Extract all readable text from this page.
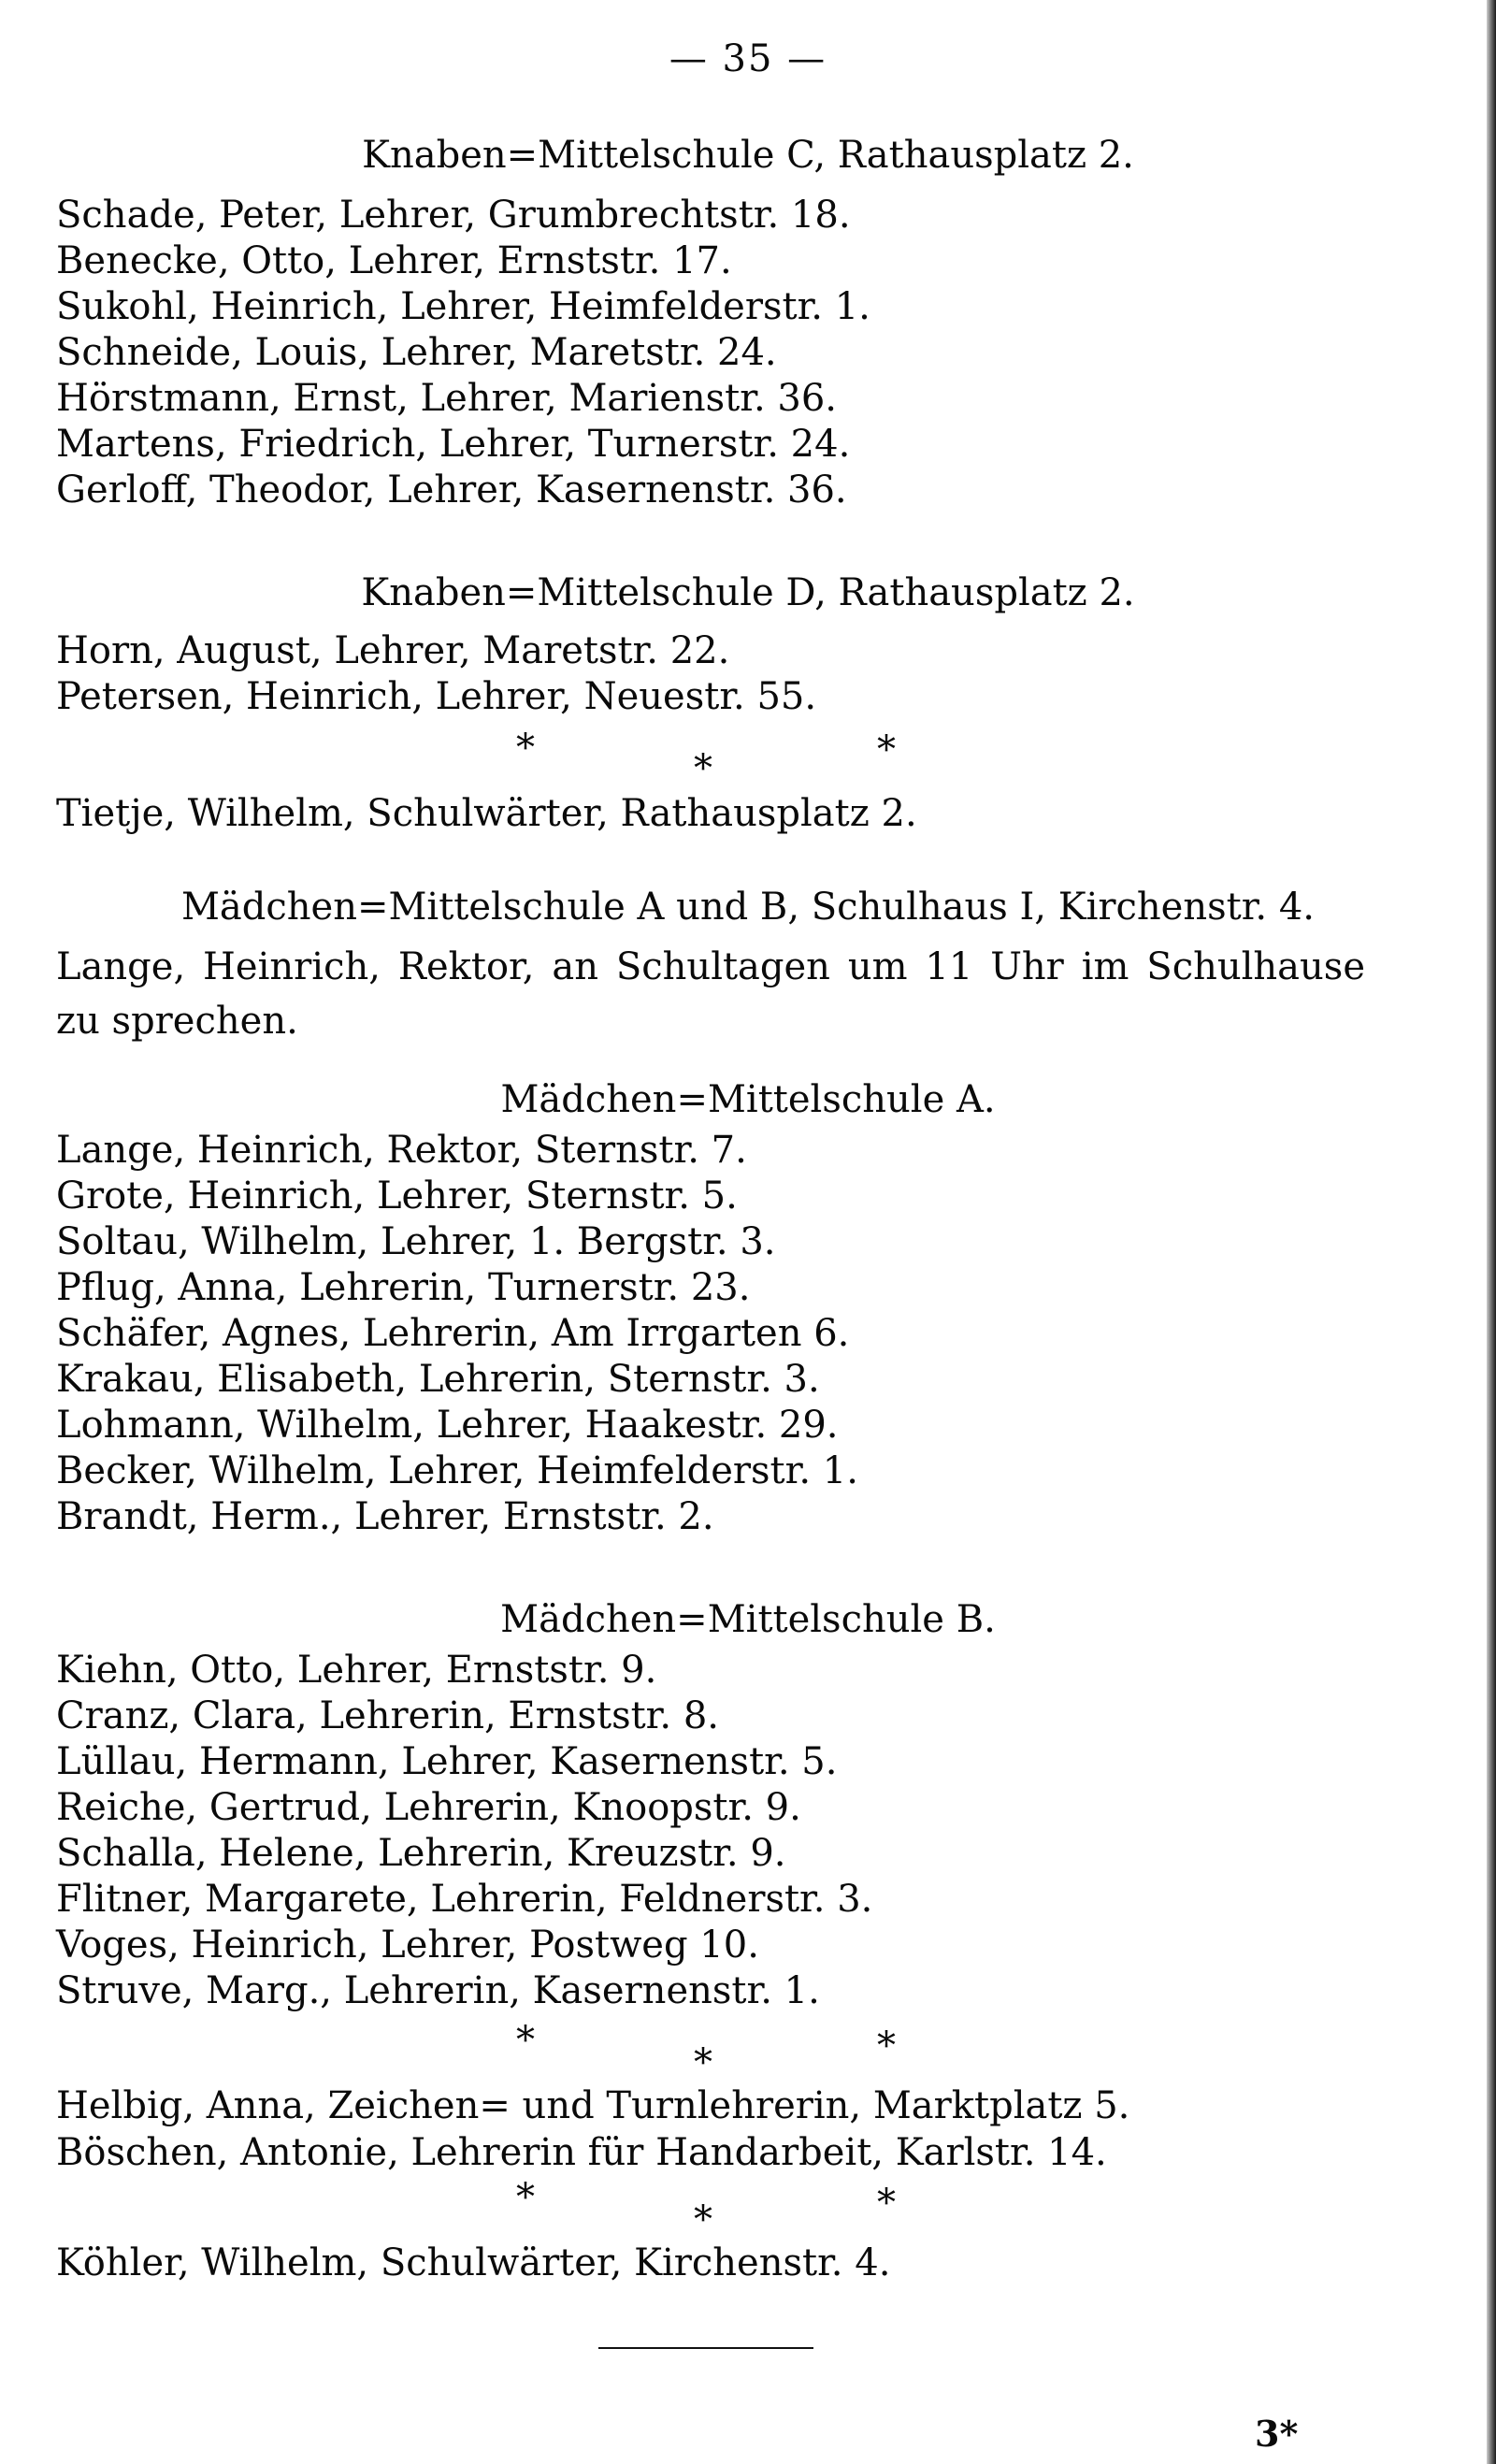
— 35 —

Knaben=Mittelschule C, Rathausplatz 2.

Schade, Peter, Lehrer, Grumbrechtstr. 18.

Benecke, Otto, Lehrer, Ernststr. 17.

Sukohl, Heinrich, Lehrer, Heimfelderstr. 1.

Schneide, Louis, Lehrer, Maretstr. 24.

Hörstmann, Ernst, Lehrer, Marienstr. 36.

Martens, Friedrich, Lehrer, Turnerstr. 24.

Gerloff, Theodor, Lehrer, Kasernenstr. 36.

Knaben=Mittelschule D, Rathausplatz 2.

Horn, August, Lehrer, Maretstr. 22.

Petersen, Heinrich, Lehrer, Neuestr. 55.

*	*	*

Tietje, Wilhelm, Schulwärter, Rathausplatz 2.

Mädchen=Mittelschule A und B, Schulhaus I, Kirchenstr. 4.

Lange, Heinrich, Rektor, an Schultagen um 11 Uhr im Schulhause zu sprechen.

Mädchen=Mittelschule A.

Lange, Heinrich, Rektor, Sternstr. 7.

Grote, Heinrich, Lehrer, Sternstr. 5.

Soltau, Wilhelm, Lehrer, 1. Bergstr. 3.

Pflug, Anna, Lehrerin, Turnerstr. 23.

Schäfer, Agnes, Lehrerin, Am Irrgarten 6.

Krakau, Elisabeth, Lehrerin, Sternstr. 3.

Lohmann, Wilhelm, Lehrer, Haakestr. 29.

Becker, Wilhelm, Lehrer, Heimfelderstr. 1.

Brandt, Herm., Lehrer, Ernststr. 2.

Mädchen=Mittelschule B.

Kiehn, Otto, Lehrer, Ernststr. 9.

Cranz, Clara, Lehrerin, Ernststr. 8.

Lüllau, Hermann, Lehrer, Kasernenstr. 5.

Reiche, Gertrud, Lehrerin, Knoopstr. 9.

Schalla, Helene, Lehrerin, Kreuzstr. 9.

Flitner, Margarete, Lehrerin, Feldnerstr. 3.

Voges, Heinrich, Lehrer, Postweg 10.

Struve, Marg., Lehrerin, Kasernenstr. 1.

*
*	*

Helbig, Anna, Zeichen= und Turnlehrerin, Marktplatz 5.

Böschen, Antonie, Lehrerin für Handarbeit, Karlstr. 14.

*
*	*

Köhler, Wilhelm, Schulwärter, Kirchenstr. 4.

3*
